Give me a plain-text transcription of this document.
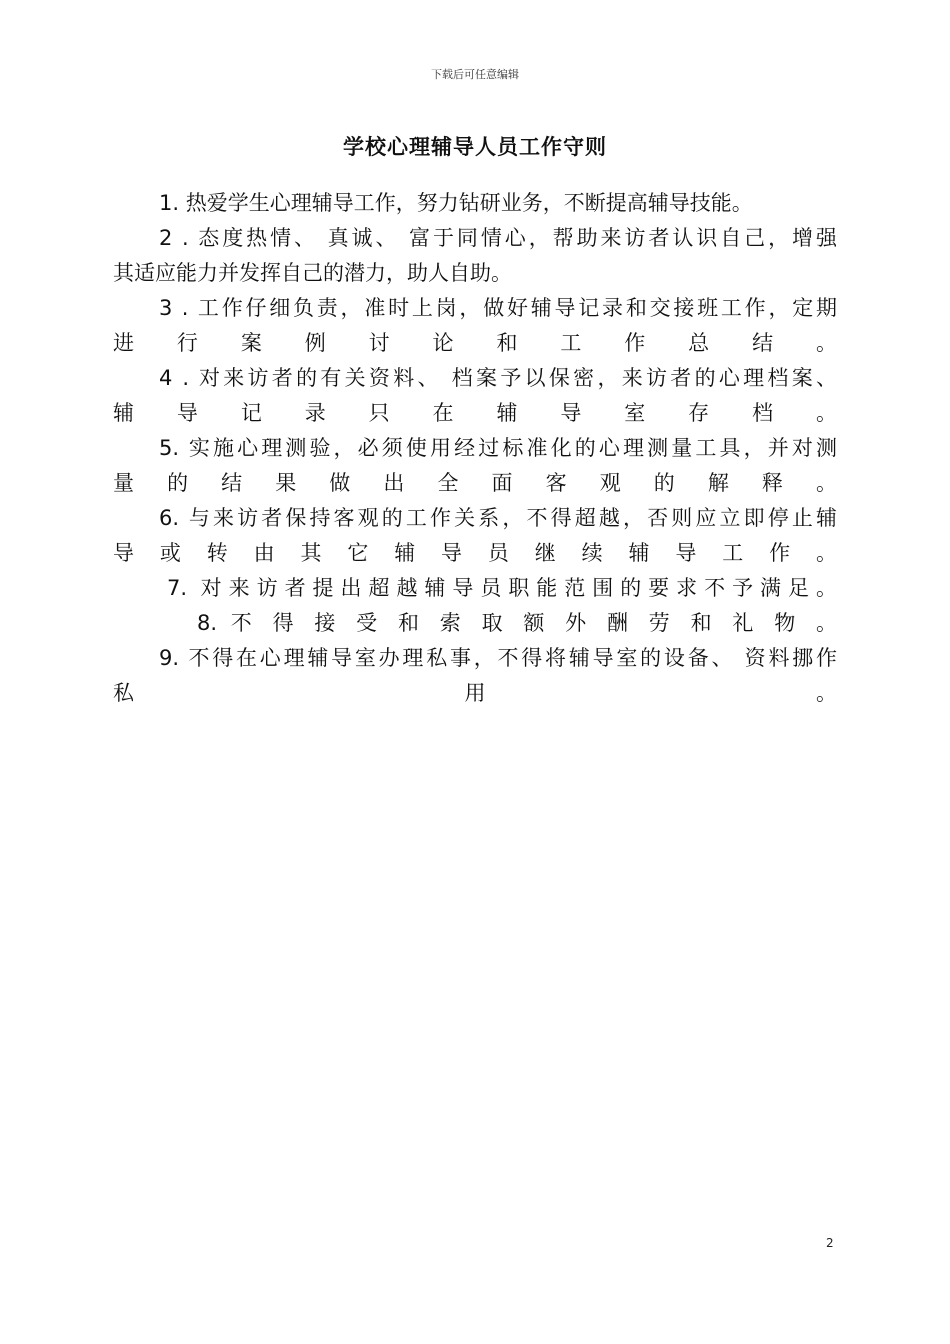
下载后可任意编辑
学校心理辅导人员工作守则
1. 热爱学生心理辅导工作，努力钻研业务，不断提高辅导技能。
2 . 态度热情、 真诚、 富于同情心，帮助来访者认识自己，增强
其适应能力并发挥自己的潜力，助人自助。
3 . 工作仔细负责，准时上岗，做好辅导记录和交接班工作，定期
进 行 案 例 讨 论 和 工 作 总 结 。
4 . 对来访者的有关资料、 档案予以保密，来访者的心理档案、
辅 导 记 录 只 在 辅 导 室 存 档 。
5. 实施心理测验，必须使用经过标准化的心理测量工具，并对测
量 的 结 果 做 出 全 面 客 观 的 解 释 。
6. 与来访者保持客观的工作关系，不得超越，否则应立即停止辅
导 或 转 由 其 它 辅 导 员 继 续 辅 导 工 作 。
7. 对来访者提出超越辅导员职能范围的要求不予满足。
8. 不 得 接 受 和 索 取 额 外 酬 劳 和 礼 物 。
9. 不得在心理辅导室办理私事，不得将辅导室的设备、 资料挪作
私 用 。
2
